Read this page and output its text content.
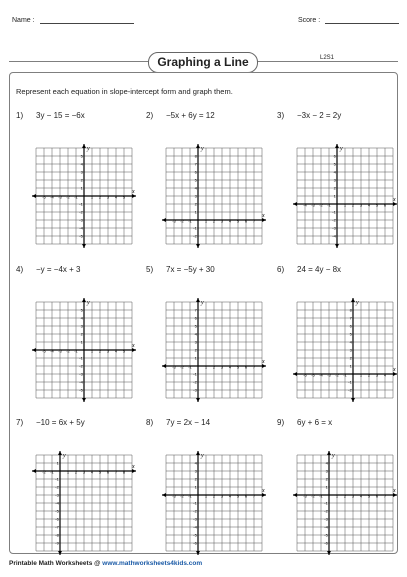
Name :	Score :
Graphing a Line	L2S1
Represent each equation in slope-intercept form and graph them.
1) 3y − 15 = −6x	2) −5x + 6y = 12	3) −3x − 2 = 2y
4) −y = −4x + 3	5) 7x = −5y + 30	6) 24 = 4y − 8x
7) −10 = 6x + 5y	8) 7y = 2x − 14	9) 6y + 6 = x
x
y
-5 -4 -3 -2 -1	1 2 3 4 5
5
4
3
2
1
-1
-2
-3
-4
-5
x
y
-3 -2 -1	1 2 3 4 5 6 7
8
7
6
5
4
3
2
1
-1
-2
x
y
-4 -3 -2 -1	1 2 3 4 5 6
6
5
4
3
2
1
-1
-2
-3
-4
x
y
-5 -4 -3 -2 -1	1 2 3 4 5
5
4
3
2
1
-1
-2
-3
-4
-5
x
y
-3 -2 -1	1 2 3 4 5 6 7
7
6
5
4
3
2
1
-1
-2
-3
x
y
-6 -5 -4 -3 -2 -1	1 2 3 4
8
7
6
5
4
3
2
1
-1
-2
x
y
-2 -1	1 2 3 4 5 6 7 8
1
-1
-2
-3
-4
-5
-6
-7
-8
-9
x
y
-3 -2 -1	1 2 3 4 5 6 7
4
3
2
1
-1
-2
-3
-4
-5
-6
x
y
-3 -2 -1	1 2 3 4 5 6 7
4
3
2
1
-1
-2
-3
-4
-5
-6
Printable Math Worksheets @ www.mathworksheets4kids.com
